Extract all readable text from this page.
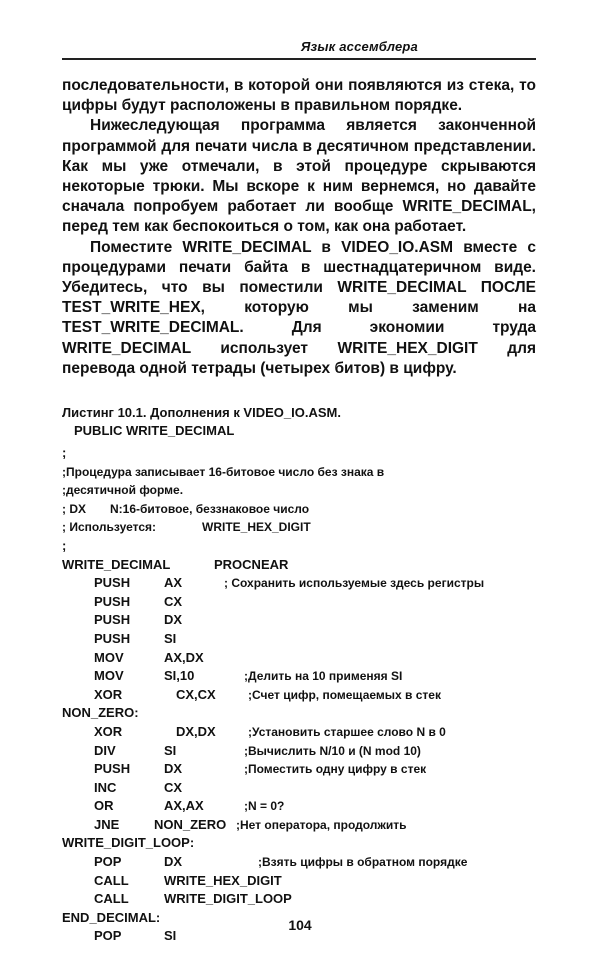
Язык ассемблера

последовательности, в которой они появляются из стека, то цифры будут расположены в правильном порядке.

Нижеследующая программа является законченной программой для печати числа в десятичном представлении. Как мы уже отмечали, в этой процедуре скрываются некоторые трюки. Мы вскоре к ним вернемся, но давайте сначала попробуем работает ли вообще WRITE_DECIMAL, перед тем как беспокоиться о том, как она работает.

Поместите WRITE_DECIMAL в VIDEO_IO.ASM вместе с процедурами печати байта в шестнадцатеричном виде. Убедитесь, что вы поместили WRITE_DECIMAL ПОСЛЕ TEST_WRITE_HEX, которую мы заменим на TEST_WRITE_DECIMAL. Для экономии труда WRITE_DECIMAL использует WRITE_HEX_DIGIT для перевода одной тетрады (четырех битов) в цифру.

Листинг 10.1. Дополнения к VIDEO_IO.ASM.
PUBLIC WRITE_DECIMAL
;
;Процедура записывает 16-битовое число без знака в
;десятичной форме.
; DX N:16-битовое, беззнаковое число
; Используется:	WRITE_HEX_DIGIT
;
WRITE_DECIMAL	PROCNEAR
PUSH	AX	; Сохранить используемые здесь регистры
PUSH	CX
PUSH	DX
PUSH	SI
MOV	AX,DX
MOV	SI,10	;Делить на 10 применяя SI
XOR	CX,CX	;Счет цифр, помещаемых в стек
NON_ZERO:
XOR	DX,DX	;Установить старшее слово N в 0
DIV	SI	;Вычислить N/10 и (N mod 10)
PUSH	DX	;Поместить одну цифру в стек
INC	CX
OR	AX,AX	;N = 0?
JNE	NON_ZERO ;Нет оператора, продолжить
WRITE_DIGIT_LOOP:
POP	DX	;Взять цифры в обратном порядке
CALL	WRITE_HEX_DIGIT
CALL	WRITE_DIGIT_LOOP
END_DECIMAL:
POP	SI
104
